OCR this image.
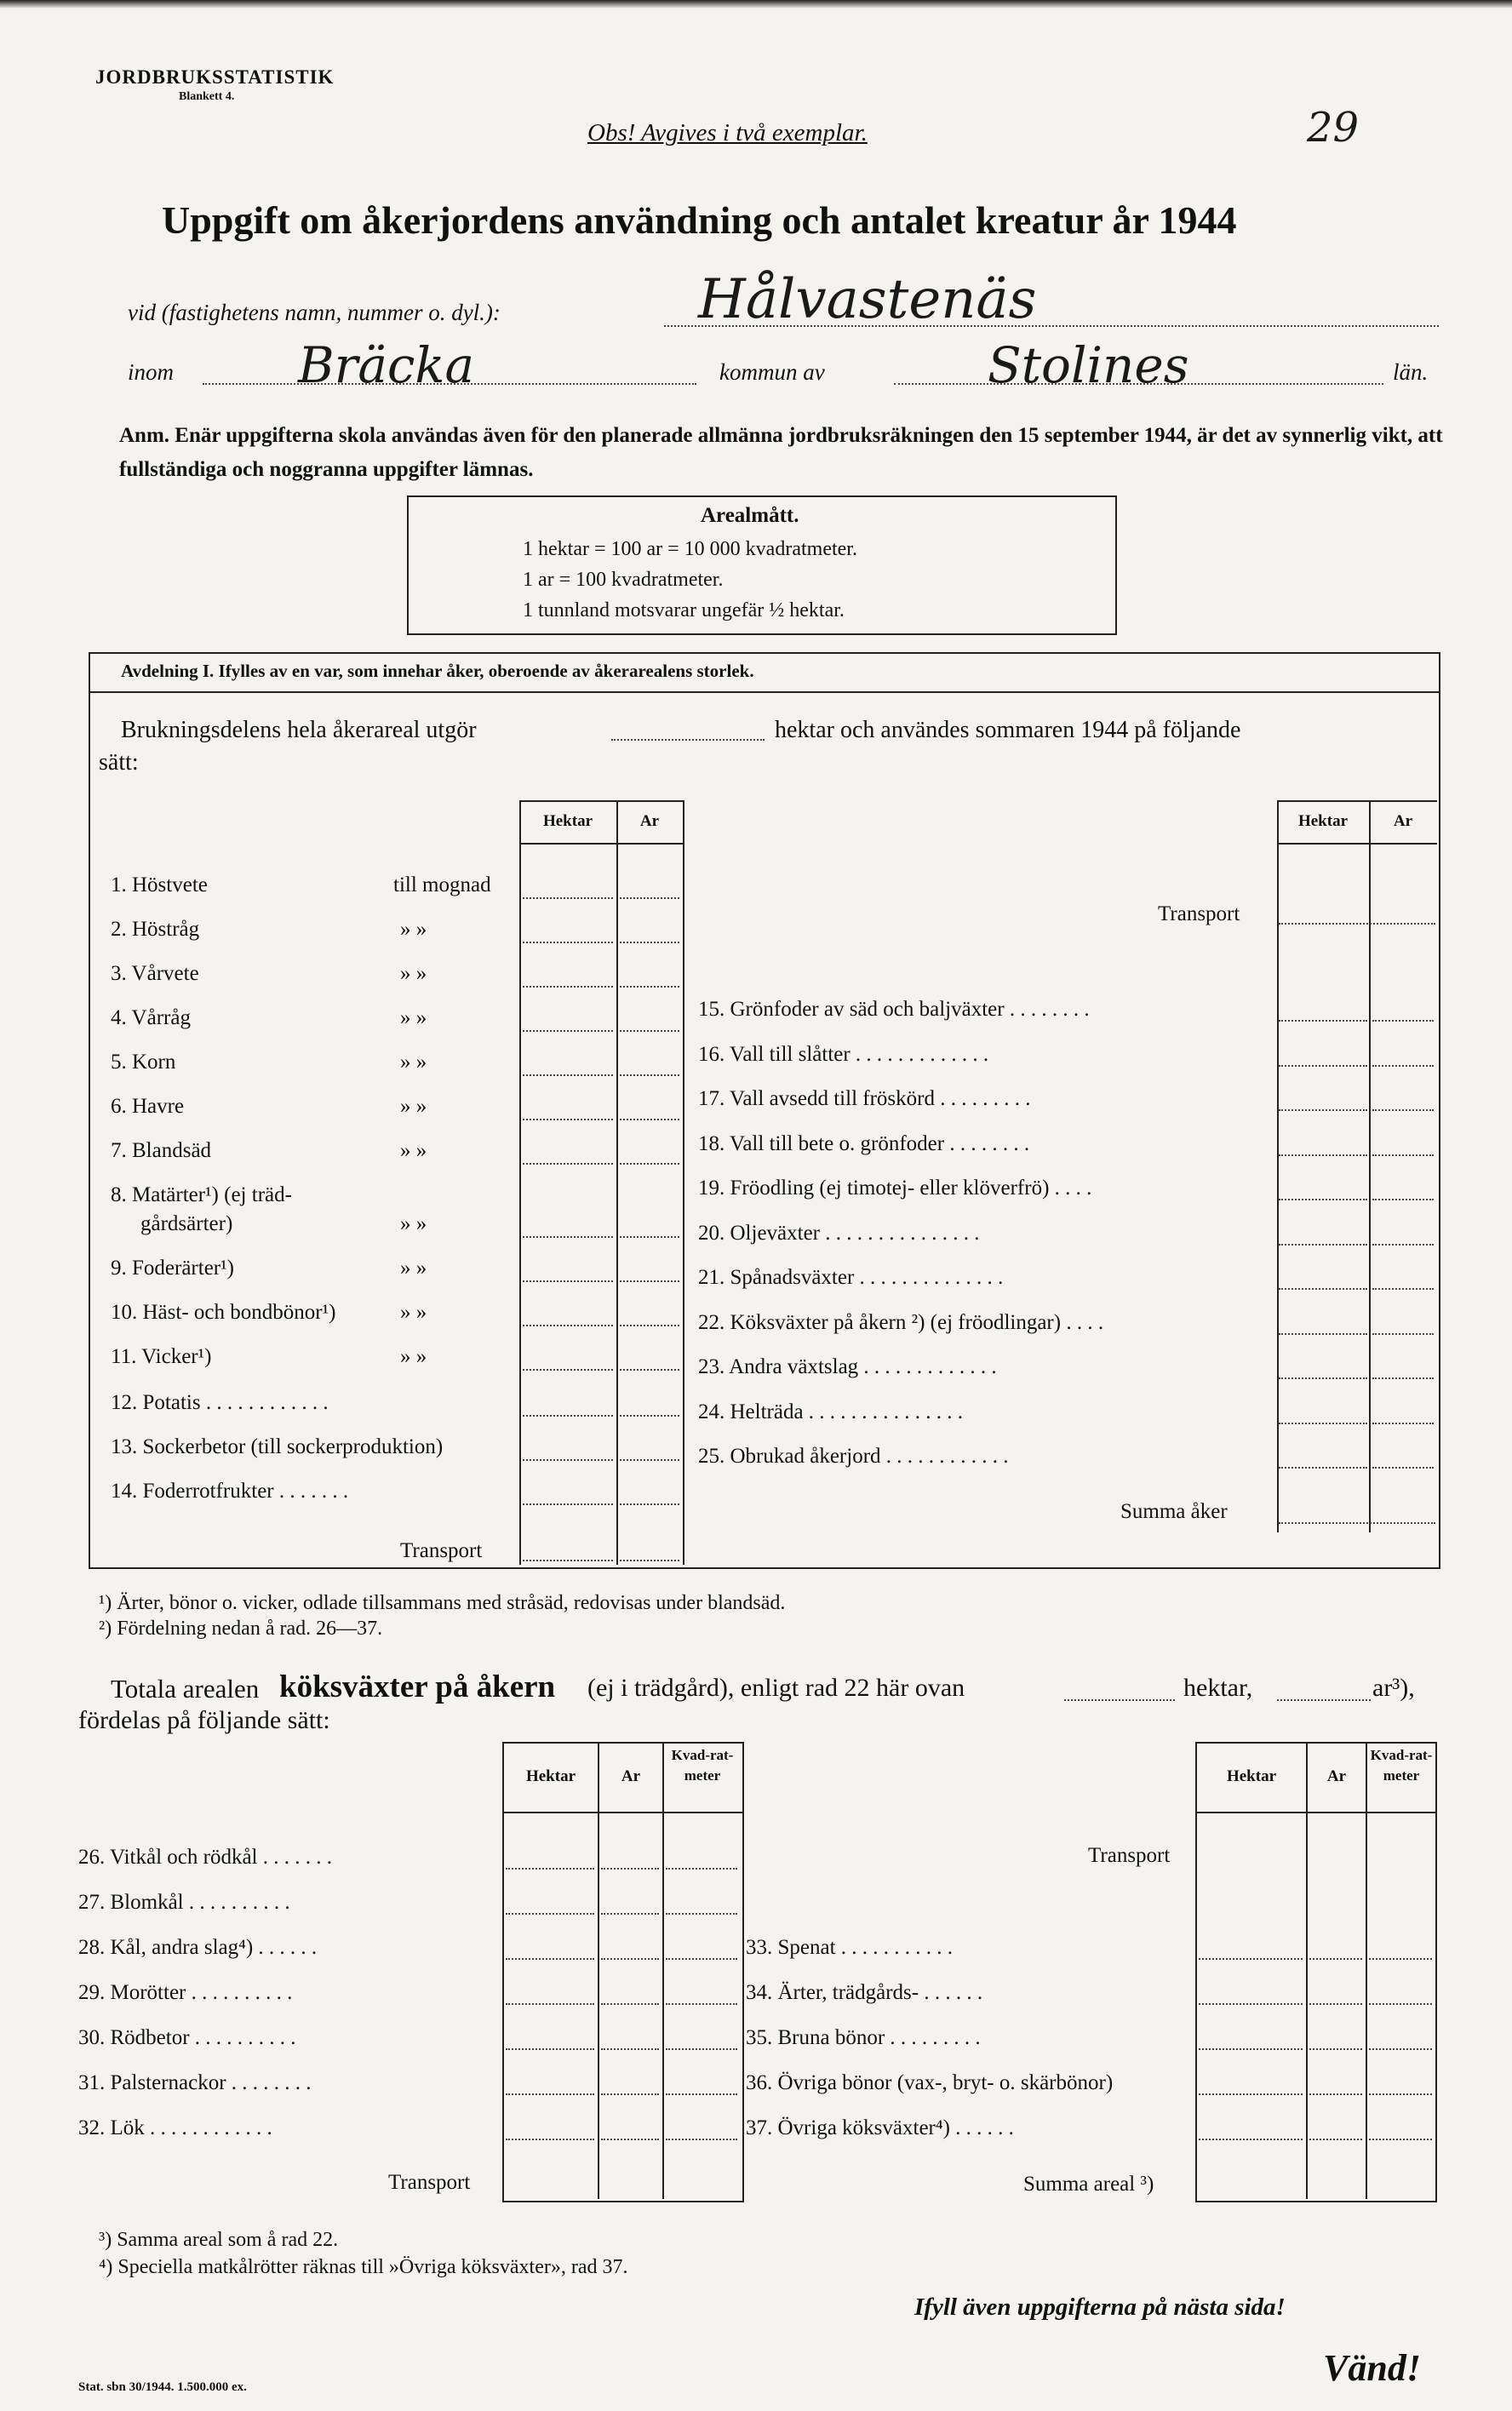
JORDBRUKSSTATISTIK
Blankett 4.
Obs! Avgives i två exemplar.	29
Uppgift om åkerjordens användning och antalet kreatur år 1944
vid (fastighetens namn, nummer o. dyl.):	Hålvastenäs
inom	Bräcka	kommun av	Stolines	län.
Anm. Enär uppgifterna skola användas även för den planerade allmänna jordbruksräkningen den 15 september 1944, är det av synnerlig vikt, att fullständiga och noggranna uppgifter lämnas.
Arealmått.
1 hektar = 100 ar = 10 000 kvadratmeter.
1 ar = 100 kvadratmeter.
1 tunnland motsvarar ungefär ½ hektar.
Avdelning I. Ifylles av en var, som innehar åker, oberoende av åkerarealens storlek.
Brukningsdelens hela åkerareal utgör	hektar och användes sommaren 1944 på följande
sätt:
Hektar	Ar
1. Höstvete	till mognad
2. Höstråg	» »
3. Vårvete	» »
4. Vårråg	» »
5. Korn	» »
6. Havre	» »
7. Blandsäd	» »
8. Matärter¹) (ej träd-
gårdsärter)	» »
9. Foderärter¹)	» »
10. Häst- och bondbönor¹)	» »
11. Vicker¹)	» »
12. Potatis . . . . . . . . . . . .
13. Sockerbetor (till sockerproduktion)
14. Foderrotfrukter . . . . . . .
Transport
Hektar	Ar
Transport
15. Grönfoder av säd och baljväxter . . . . . . . .
16. Vall till slåtter . . . . . . . . . . . . .
17. Vall avsedd till fröskörd . . . . . . . . .
18. Vall till bete o. grönfoder . . . . . . . .
19. Fröodling (ej timotej- eller klöverfrö) . . . .
20. Oljeväxter . . . . . . . . . . . . . . .
21. Spånadsväxter . . . . . . . . . . . . . .
22. Köksväxter på åkern ²) (ej fröodlingar) . . . .
23. Andra växtslag . . . . . . . . . . . . .
24. Helträda . . . . . . . . . . . . . . .
25. Obrukad åkerjord . . . . . . . . . . . .
Summa åker
¹) Ärter, bönor o. vicker, odlade tillsammans med stråsäd, redovisas under blandsäd.
²) Fördelning nedan å rad. 26—37.
Totala arealen köksväxter på åkern (ej i trädgård), enligt rad 22 här ovan	hektar,	ar³),
fördelas på följande sätt:
Hektar	Ar
Kvad-rat-meter
26. Vitkål och rödkål . . . . . . .
27. Blomkål . . . . . . . . . .
28. Kål, andra slag⁴) . . . . . .
29. Morötter . . . . . . . . . .
30. Rödbetor . . . . . . . . . .
31. Palsternackor . . . . . . . .
32. Lök . . . . . . . . . . . .
Transport
Hektar	Ar
Kvad-rat-meter
Transport
33. Spenat . . . . . . . . . . .
34. Ärter, trädgårds- . . . . . .
35. Bruna bönor . . . . . . . . .
36. Övriga bönor (vax-, bryt- o. skärbönor)
37. Övriga köksväxter⁴) . . . . . .
Summa areal ³)
³) Samma areal som å rad 22.
⁴) Speciella matkålrötter räknas till »Övriga köksväxter», rad 37.
Ifyll även uppgifterna på nästa sida!
Stat. sbn 30/1944. 1.500.000 ex.	Vänd!
